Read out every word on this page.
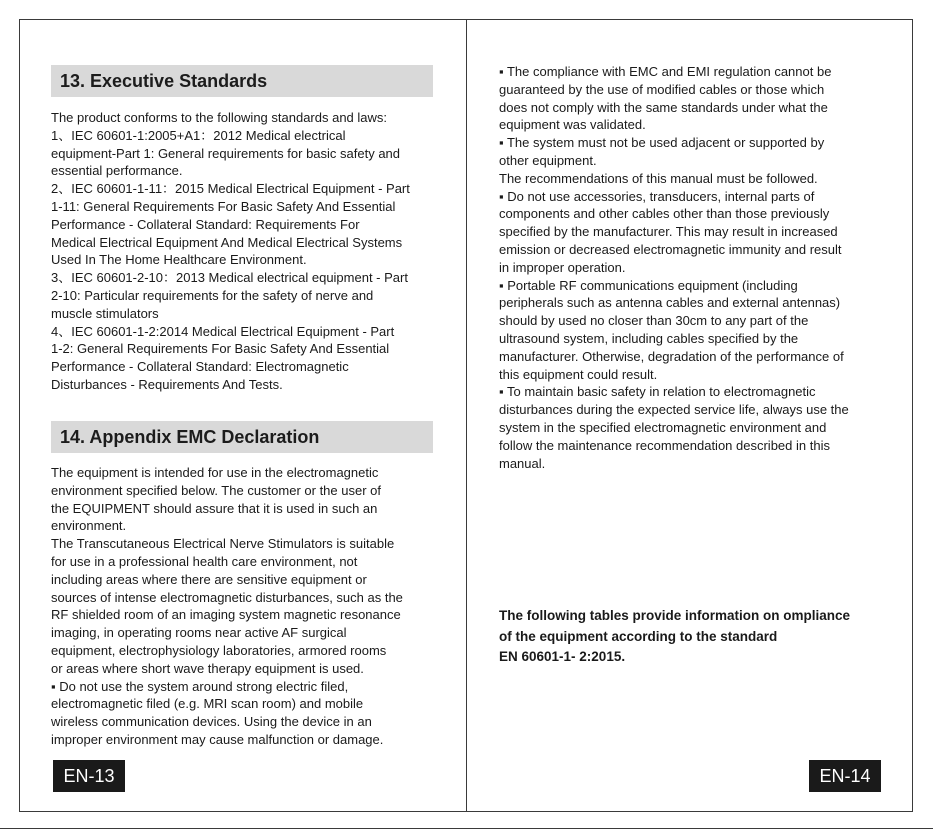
13. Executive Standards

The product conforms to the following standards and laws:

1、IEC 60601-1:2005+A1：2012 Medical electrical

equipment-Part 1: General requirements for basic safety and

essential performance.

2、IEC 60601-1-11：2015 Medical Electrical Equipment - Part

1-11: General Requirements For Basic Safety And Essential

Performance - Collateral Standard: Requirements For

Medical Electrical Equipment And Medical Electrical Systems

Used In The Home Healthcare Environment.

3、IEC 60601-2-10：2013 Medical electrical equipment - Part

2-10: Particular requirements for the safety of nerve and

muscle stimulators

4、IEC 60601-1-2:2014 Medical Electrical Equipment - Part

1-2: General Requirements For Basic Safety And Essential

Performance - Collateral Standard: Electromagnetic

Disturbances - Requirements And Tests.

14. Appendix EMC Declaration

The equipment is intended for use in the electromagnetic

environment specified below. The customer or the user of

the EQUIPMENT should assure that it is used in such an

environment.

The Transcutaneous Electrical Nerve Stimulators is suitable

for use in a professional health care environment, not

including areas where there are sensitive equipment or

sources of intense electromagnetic disturbances, such as the

RF shielded room of an imaging system magnetic resonance

imaging, in operating rooms near active AF surgical

equipment, electrophysiology laboratories, armored rooms

or areas where short wave therapy equipment is used.

▪ Do not use the system around strong electric filed,

electromagnetic filed (e.g. MRI scan room) and mobile

wireless communication devices. Using the device in an

improper environment may cause malfunction or damage.

EN-13

▪ The compliance with EMC and EMI regulation cannot be

guaranteed by the use of modified cables or those which

does not comply with the same standards under what the

equipment was validated.

▪ The system must not be used adjacent or supported by

other equipment.

The recommendations of this manual must be followed.

▪ Do not use accessories, transducers, internal parts of

components and other cables other than those previously

specified by the manufacturer. This may result in increased

emission or decreased electromagnetic immunity and result

in improper operation.

▪ Portable RF communications equipment (including

peripherals such as antenna cables and external antennas)

should by used no closer than 30cm to any part of the

ultrasound system, including cables specified by the

manufacturer. Otherwise, degradation of the performance of

this equipment could result.

▪ To maintain basic safety in relation to electromagnetic

disturbances during the expected service life, always use the

system in the specified electromagnetic environment and

follow the maintenance recommendation described in this

manual.

The following tables provide information on ompliance

of the equipment according to the standard

EN 60601-1- 2:2015.

EN-14
